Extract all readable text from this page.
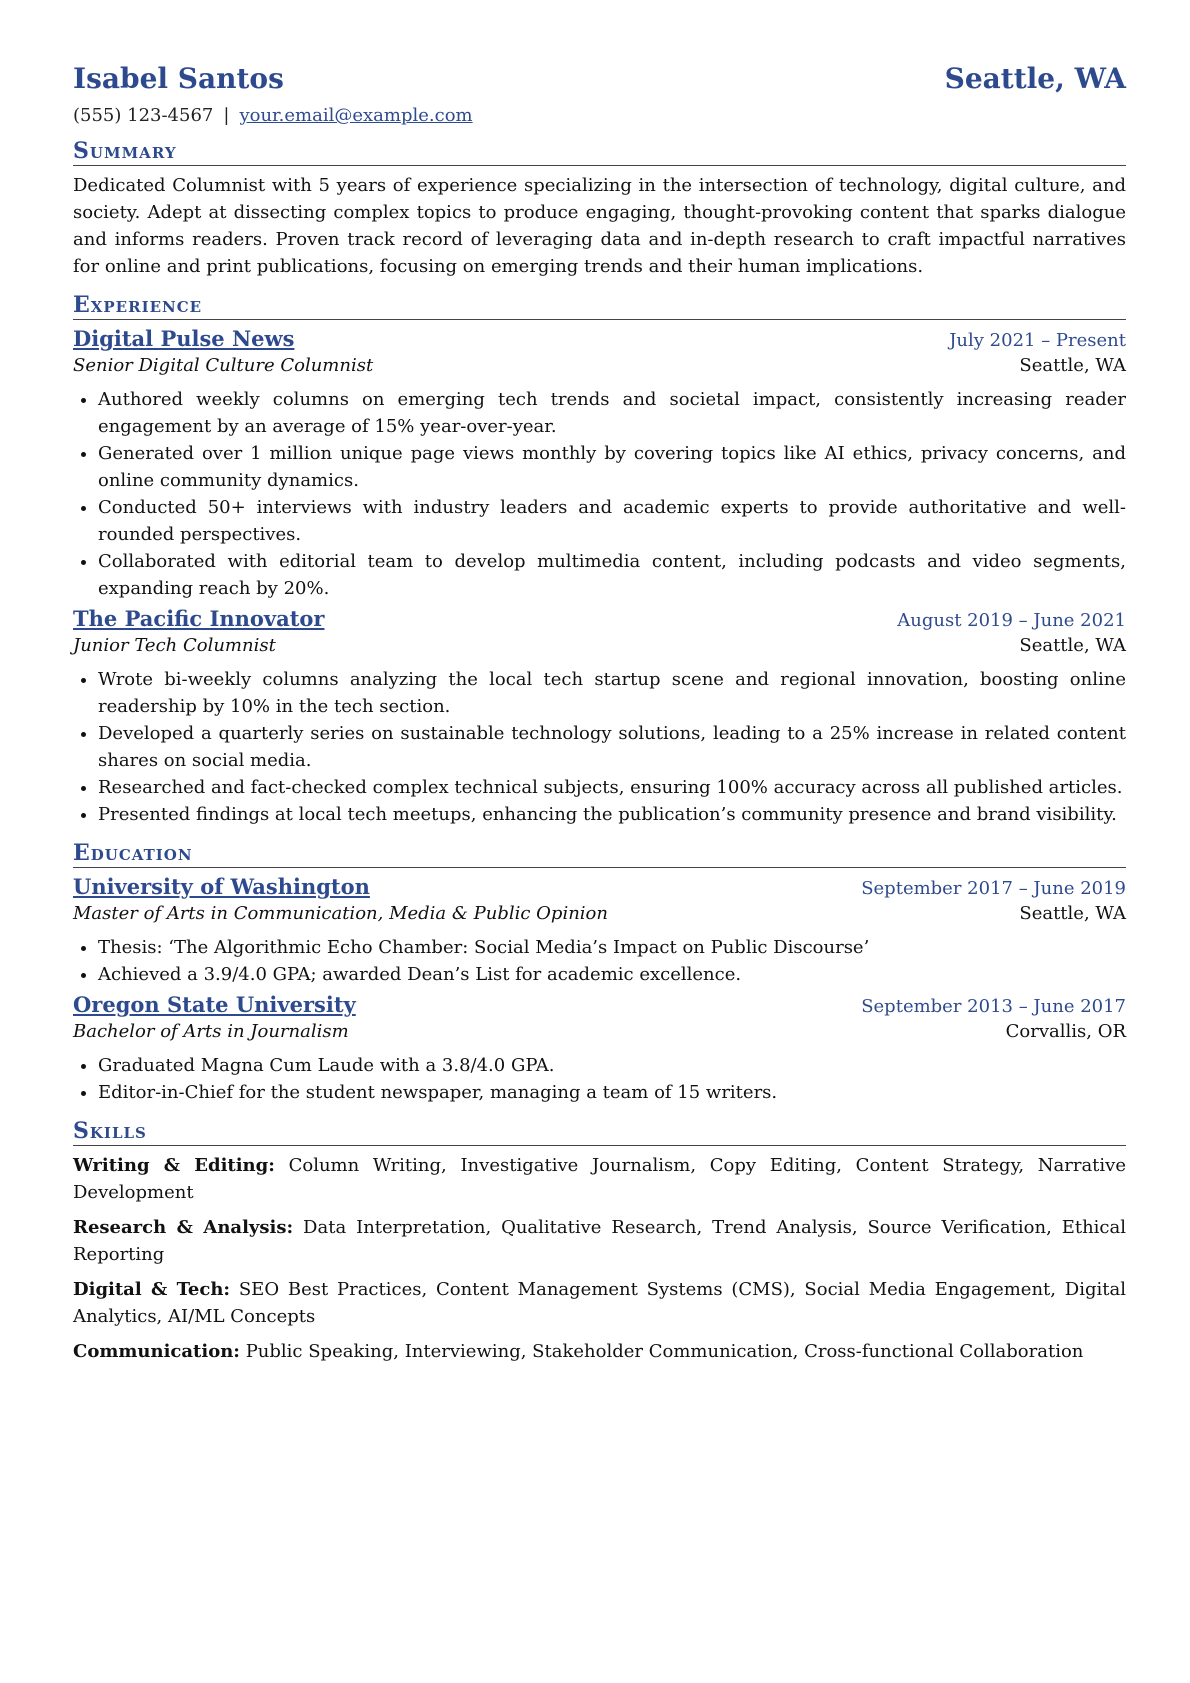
Isabel Santos	Seattle, WA
(555) 123-4567 | your.email@example.com
Summary
Dedicated Columnist with 5 years of experience specializing in the intersection of technology, digital culture, and society. Adept at dissecting complex topics to produce engaging, thought-provoking content that sparks dialogue and informs readers. Proven track record of leveraging data and in-depth research to craft impactful narratives for online and print publications, focusing on emerging trends and their human implications.
Experience
Digital Pulse News	July 2021 – Present
Senior Digital Culture Columnist	Seattle, WA
• Authored weekly columns on emerging tech trends and societal impact, consistently increasing reader engagement by an average of 15% year-over-year.
• Generated over 1 million unique page views monthly by covering topics like AI ethics, privacy concerns, and online community dynamics.
• Conducted 50+ interviews with industry leaders and academic experts to provide authoritative and well-rounded perspectives.
• Collaborated with editorial team to develop multimedia content, including podcasts and video segments, expanding reach by 20%.
The Pacific Innovator	August 2019 – June 2021
Junior Tech Columnist	Seattle, WA
• Wrote bi-weekly columns analyzing the local tech startup scene and regional innovation, boosting online readership by 10% in the tech section.
• Developed a quarterly series on sustainable technology solutions, leading to a 25% increase in related content shares on social media.
• Researched and fact-checked complex technical subjects, ensuring 100% accuracy across all published articles.
• Presented findings at local tech meetups, enhancing the publication’s community presence and brand visibility.
Education
University of Washington	September 2017 – June 2019
Master of Arts in Communication, Media & Public Opinion	Seattle, WA
• Thesis: ‘The Algorithmic Echo Chamber: Social Media’s Impact on Public Discourse’
• Achieved a 3.9/4.0 GPA; awarded Dean’s List for academic excellence.
Oregon State University	September 2013 – June 2017
Bachelor of Arts in Journalism	Corvallis, OR
• Graduated Magna Cum Laude with a 3.8/4.0 GPA.
• Editor-in-Chief for the student newspaper, managing a team of 15 writers.
Skills
Writing & Editing: Column Writing, Investigative Journalism, Copy Editing, Content Strategy, Narrative Development
Research & Analysis: Data Interpretation, Qualitative Research, Trend Analysis, Source Verification, Ethical Reporting
Digital & Tech: SEO Best Practices, Content Management Systems (CMS), Social Media Engagement, Digital Analytics, AI/ML Concepts
Communication: Public Speaking, Interviewing, Stakeholder Communication, Cross-functional Collaboration
